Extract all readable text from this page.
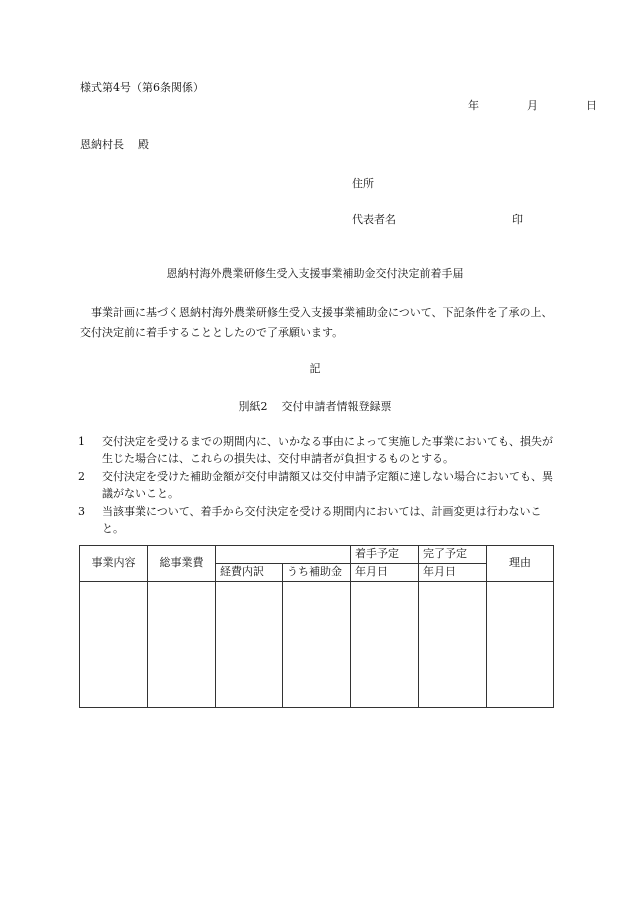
様式第4号（第6条関係）
年	月	日
恩納村長 殿
住所
代表者名	印
恩納村海外農業研修生受入支援事業補助金交付決定前着手届
　事業計画に基づく恩納村海外農業研修生受入支援事業補助金について、下記条件を了承の上、交付決定前に着手することとしたので了承願います。
記
別紙2 交付申請者情報登録票
1	交付決定を受けるまでの期間内に、いかなる事由によって実施した事業においても、損失が生じた場合には、これらの損失は、交付申請者が負担するものとする。
2	交付決定を受けた補助金額が交付申請額又は交付申請予定額に達しない場合においても、異議がないこと。
3	当該事業について、着手から交付決定を受ける期間内においては、計画変更は行わないこと。
事業内容	総事業費			着手予定	完了予定	理由
		経費内訳	うち補助金	年月日	年月日	
